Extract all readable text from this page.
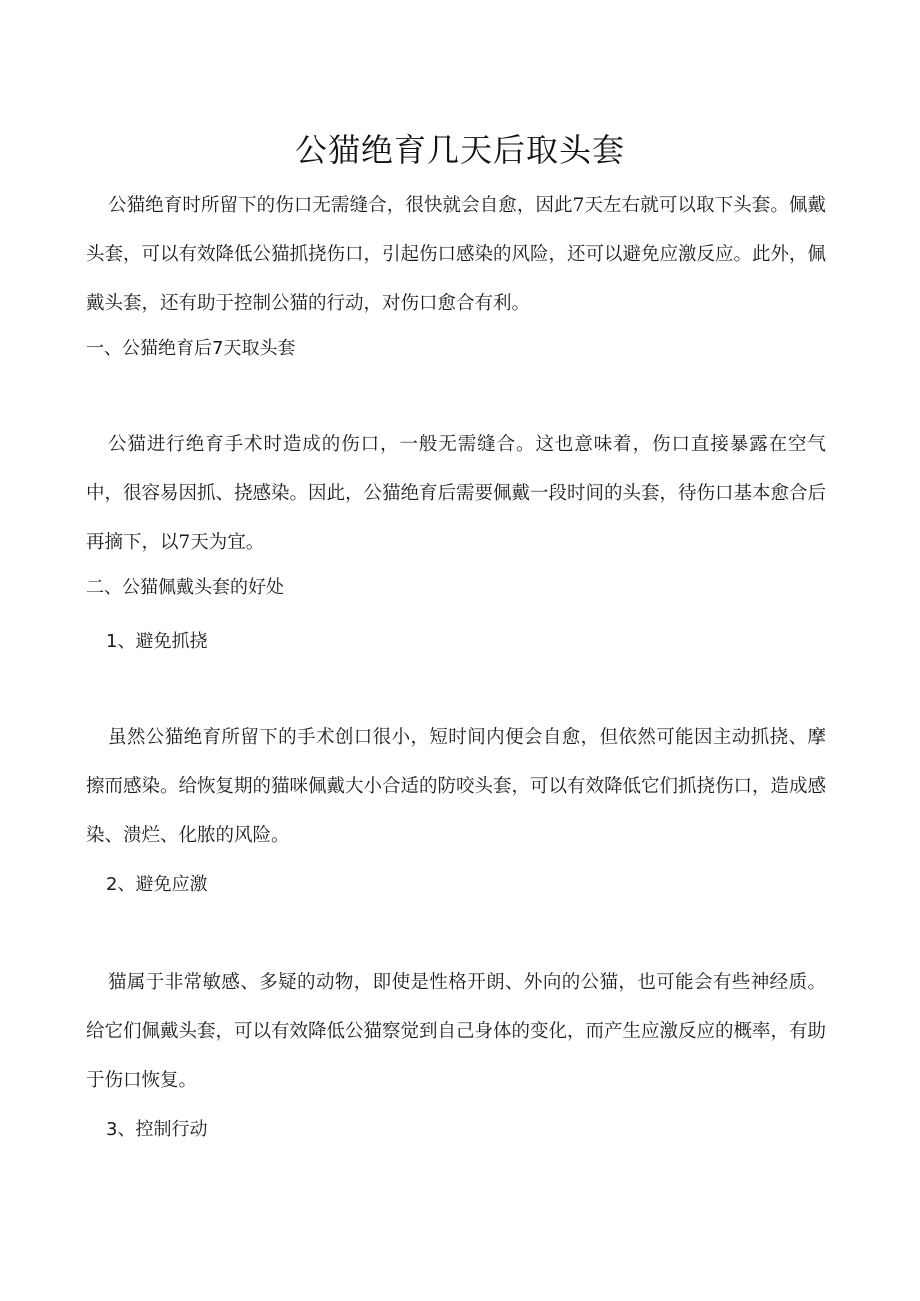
公猫绝育几天后取头套
公猫绝育时所留下的伤口无需缝合，很快就会自愈，因此7天左右就可以取下头套。佩戴头套，可以有效降低公猫抓挠伤口，引起伤口感染的风险，还可以避免应激反应。此外，佩戴头套，还有助于控制公猫的行动，对伤口愈合有利。
一、公猫绝育后7天取头套
公猫进行绝育手术时造成的伤口，一般无需缝合。这也意味着，伤口直接暴露在空气中，很容易因抓、挠感染。因此，公猫绝育后需要佩戴一段时间的头套，待伤口基本愈合后再摘下，以7天为宜。
二、公猫佩戴头套的好处
1、避免抓挠
虽然公猫绝育所留下的手术创口很小，短时间内便会自愈，但依然可能因主动抓挠、摩擦而感染。给恢复期的猫咪佩戴大小合适的防咬头套，可以有效降低它们抓挠伤口，造成感染、溃烂、化脓的风险。
2、避免应激
猫属于非常敏感、多疑的动物，即使是性格开朗、外向的公猫，也可能会有些神经质。给它们佩戴头套，可以有效降低公猫察觉到自己身体的变化，而产生应激反应的概率，有助于伤口恢复。
3、控制行动
